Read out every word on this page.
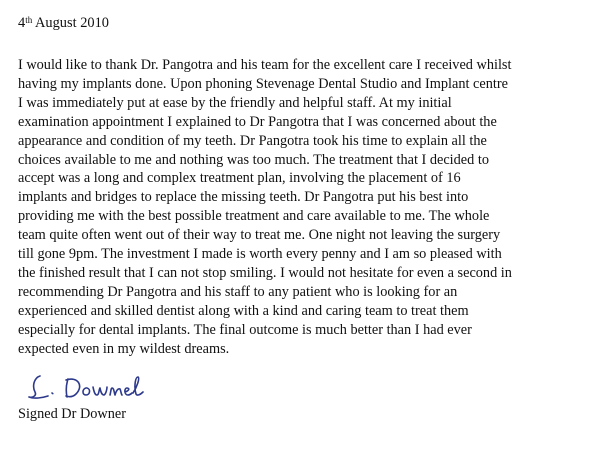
4th August 2010
I would like to thank Dr. Pangotra and his team for the excellent care I received whilst
having my implants done. Upon phoning Stevenage Dental Studio and Implant centre
I was immediately put at ease by the friendly and helpful staff. At my initial
examination appointment I explained to Dr Pangotra that I was concerned about the
appearance and condition of my teeth. Dr Pangotra took his time to explain all the
choices available to me and nothing was too much. The treatment that I decided to
accept was a long and complex treatment plan, involving the placement of 16
implants and bridges to replace the missing teeth. Dr Pangotra put his best into
providing me with the best possible treatment and care available to me. The whole
team quite often went out of their way to treat me. One night not leaving the surgery
till gone 9pm. The investment I made is worth every penny and I am so pleased with
the finished result that I can not stop smiling. I would not hesitate for even a second in
recommending Dr Pangotra and his staff to any patient who is looking for an
experienced and skilled dentist along with a kind and caring team to treat them
especially for dental implants. The final outcome is much better than I had ever
expected even in my wildest dreams.
Signed Dr Downer
